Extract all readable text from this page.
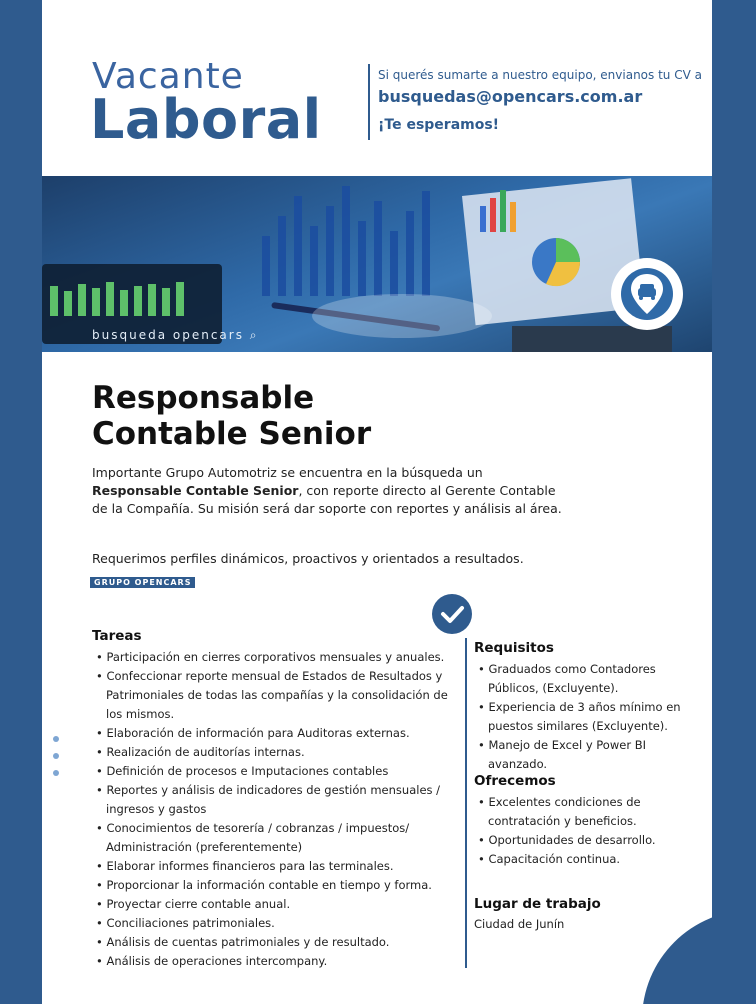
Vacante
Laboral
Si querés sumarte a nuestro equipo, envianos tu CV a
busquedas@opencars.com.ar
¡Te esperamos!
busqueda opencars ⌕
Responsable
Contable Senior
Importante Grupo Automotriz se encuentra en la búsqueda un Responsable Contable Senior, con reporte directo al Gerente Contable de la Compañía. Su misión será dar soporte con reportes y análisis al área.
Requerimos perfiles dinámicos, proactivos y orientados a resultados.
GRUPO OPENCARS
Tareas
• Participación en cierres corporativos mensuales y anuales.
• Confeccionar reporte mensual de Estados de Resultados y Patrimoniales de todas las compañías y la consolidación de los mismos.
• Elaboración de información para Auditoras externas.
• Realización de auditorías internas.
• Definición de procesos e Imputaciones contables
• Reportes y análisis de indicadores de gestión mensuales / ingresos y gastos
• Conocimientos de tesorería / cobranzas / impuestos/ Administración (preferentemente)
• Elaborar informes financieros para las terminales.
• Proporcionar la información contable en tiempo y forma.
• Proyectar cierre contable anual.
• Conciliaciones patrimoniales.
• Análisis de cuentas patrimoniales y de resultado.
• Análisis de operaciones intercompany.
Requisitos
• Graduados como Contadores Públicos, (Excluyente).
• Experiencia de 3 años mínimo en puestos similares (Excluyente).
• Manejo de Excel y Power BI avanzado.
Ofrecemos
• Excelentes condiciones de contratación y beneficios.
• Oportunidades de desarrollo.
• Capacitación continua.
Lugar de trabajo
Ciudad de Junín
